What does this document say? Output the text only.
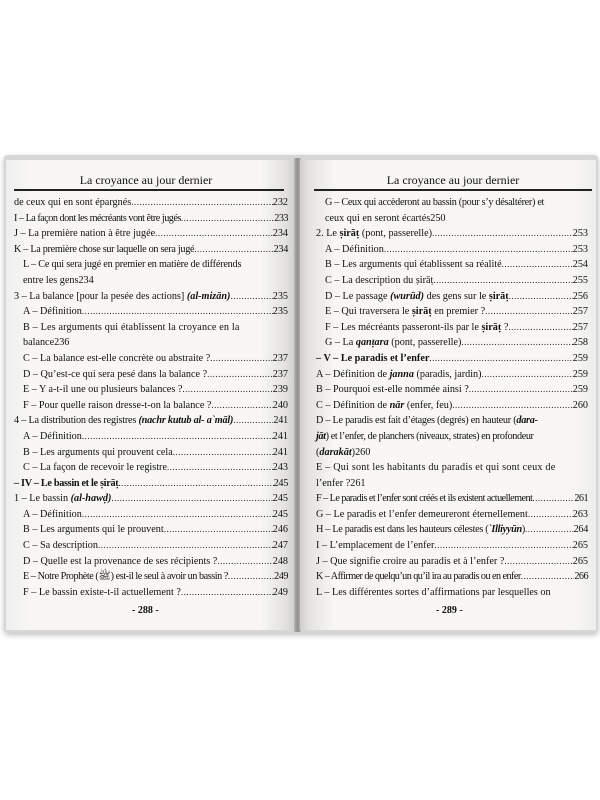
La croyance au jour dernier
de ceux qui en sont épargnés .....	232
I – La façon dont les mécréants vont être jugés .....	233
J – La première nation à être jugée .....	234
K – La première chose sur laquelle on sera jugé .....	234
L – Ce qui sera jugé en premier en matière de différends
entre les gens 234
3 – La balance [pour la pesée des actions] (al-mizān) .....	235
A – Définition .....	235
B – Les arguments qui établissent la croyance en la
balance 236
C – La balance est-elle concrète ou abstraite ? .....	237
D – Qu’est-ce qui sera pesé dans la balance ? .....	237
E – Y a-t-il une ou plusieurs balances ? .....	239
F – Pour quelle raison dresse-t-on la balance ? .....	240
4 – La distribution des registres (nachr kutub al- a`māl) .....	241
A – Définition .....	241
B – Les arguments qui prouvent cela .....	241
C – La façon de recevoir le registre .....	243
– IV – Le bassin et le ṣirāṭ .....	245
1 – Le bassin (al-hawḍ) .....	245
A – Définition .....	245
B – Les arguments qui le prouvent .....	246
C – Sa description .....	247
D – Quelle est la provenance de ses récipients ? .....	248
E – Notre Prophète (ﷺ) est-il le seul à avoir un bassin ? .....	249
F – Le bassin existe-t-il actuellement ? .....	249
- 288 -
La croyance au jour dernier
G – Ceux qui accèderont au bassin (pour s’y désaltérer) et
ceux qui en seront écartés 250
2. Le ṣirāṭ (pont, passerelle) .....	253
A – Définition .....	253
B – Les arguments qui établissent sa réalité .....	254
C – La description du ṣirāṭ .....	255
D – Le passage (wurūd) des gens sur le ṣirāṭ .....	256
E – Qui traversera le ṣirāṭ en premier ? .....	257
F – Les mécréants passeront-ils par le ṣirāṭ ? .....	257
G – La qanṭara (pont, passerelle) .....	258
– V – Le paradis et l’enfer .....	259
A – Définition de janna (paradis, jardin) .....	259
B – Pourquoi est-elle nommée ainsi ? .....	259
C – Définition de nār (enfer, feu) .....	260
D – Le paradis est fait d’étages (degrés) en hauteur (dara-
jāt) et l’enfer, de planchers (niveaux, strates) en profondeur
(darakāt) 260
E – Qui sont les habitants du paradis et qui sont ceux de
l’enfer ? 261
F – Le paradis et l’enfer sont créés et ils existent actuellement .....	261
G – Le paradis et l’enfer demeureront éternellement .....	263
H – Le paradis est dans les hauteurs célestes (`Illiyyūn) .....	264
I – L’emplacement de l’enfer .....	265
J – Que signifie croire au paradis et à l’enfer ? .....	265
K – Affirmer de quelqu’un qu’il ira au paradis ou en enfer .....	266
L – Les différentes sortes d’affirmations par lesquelles on
- 289 -
